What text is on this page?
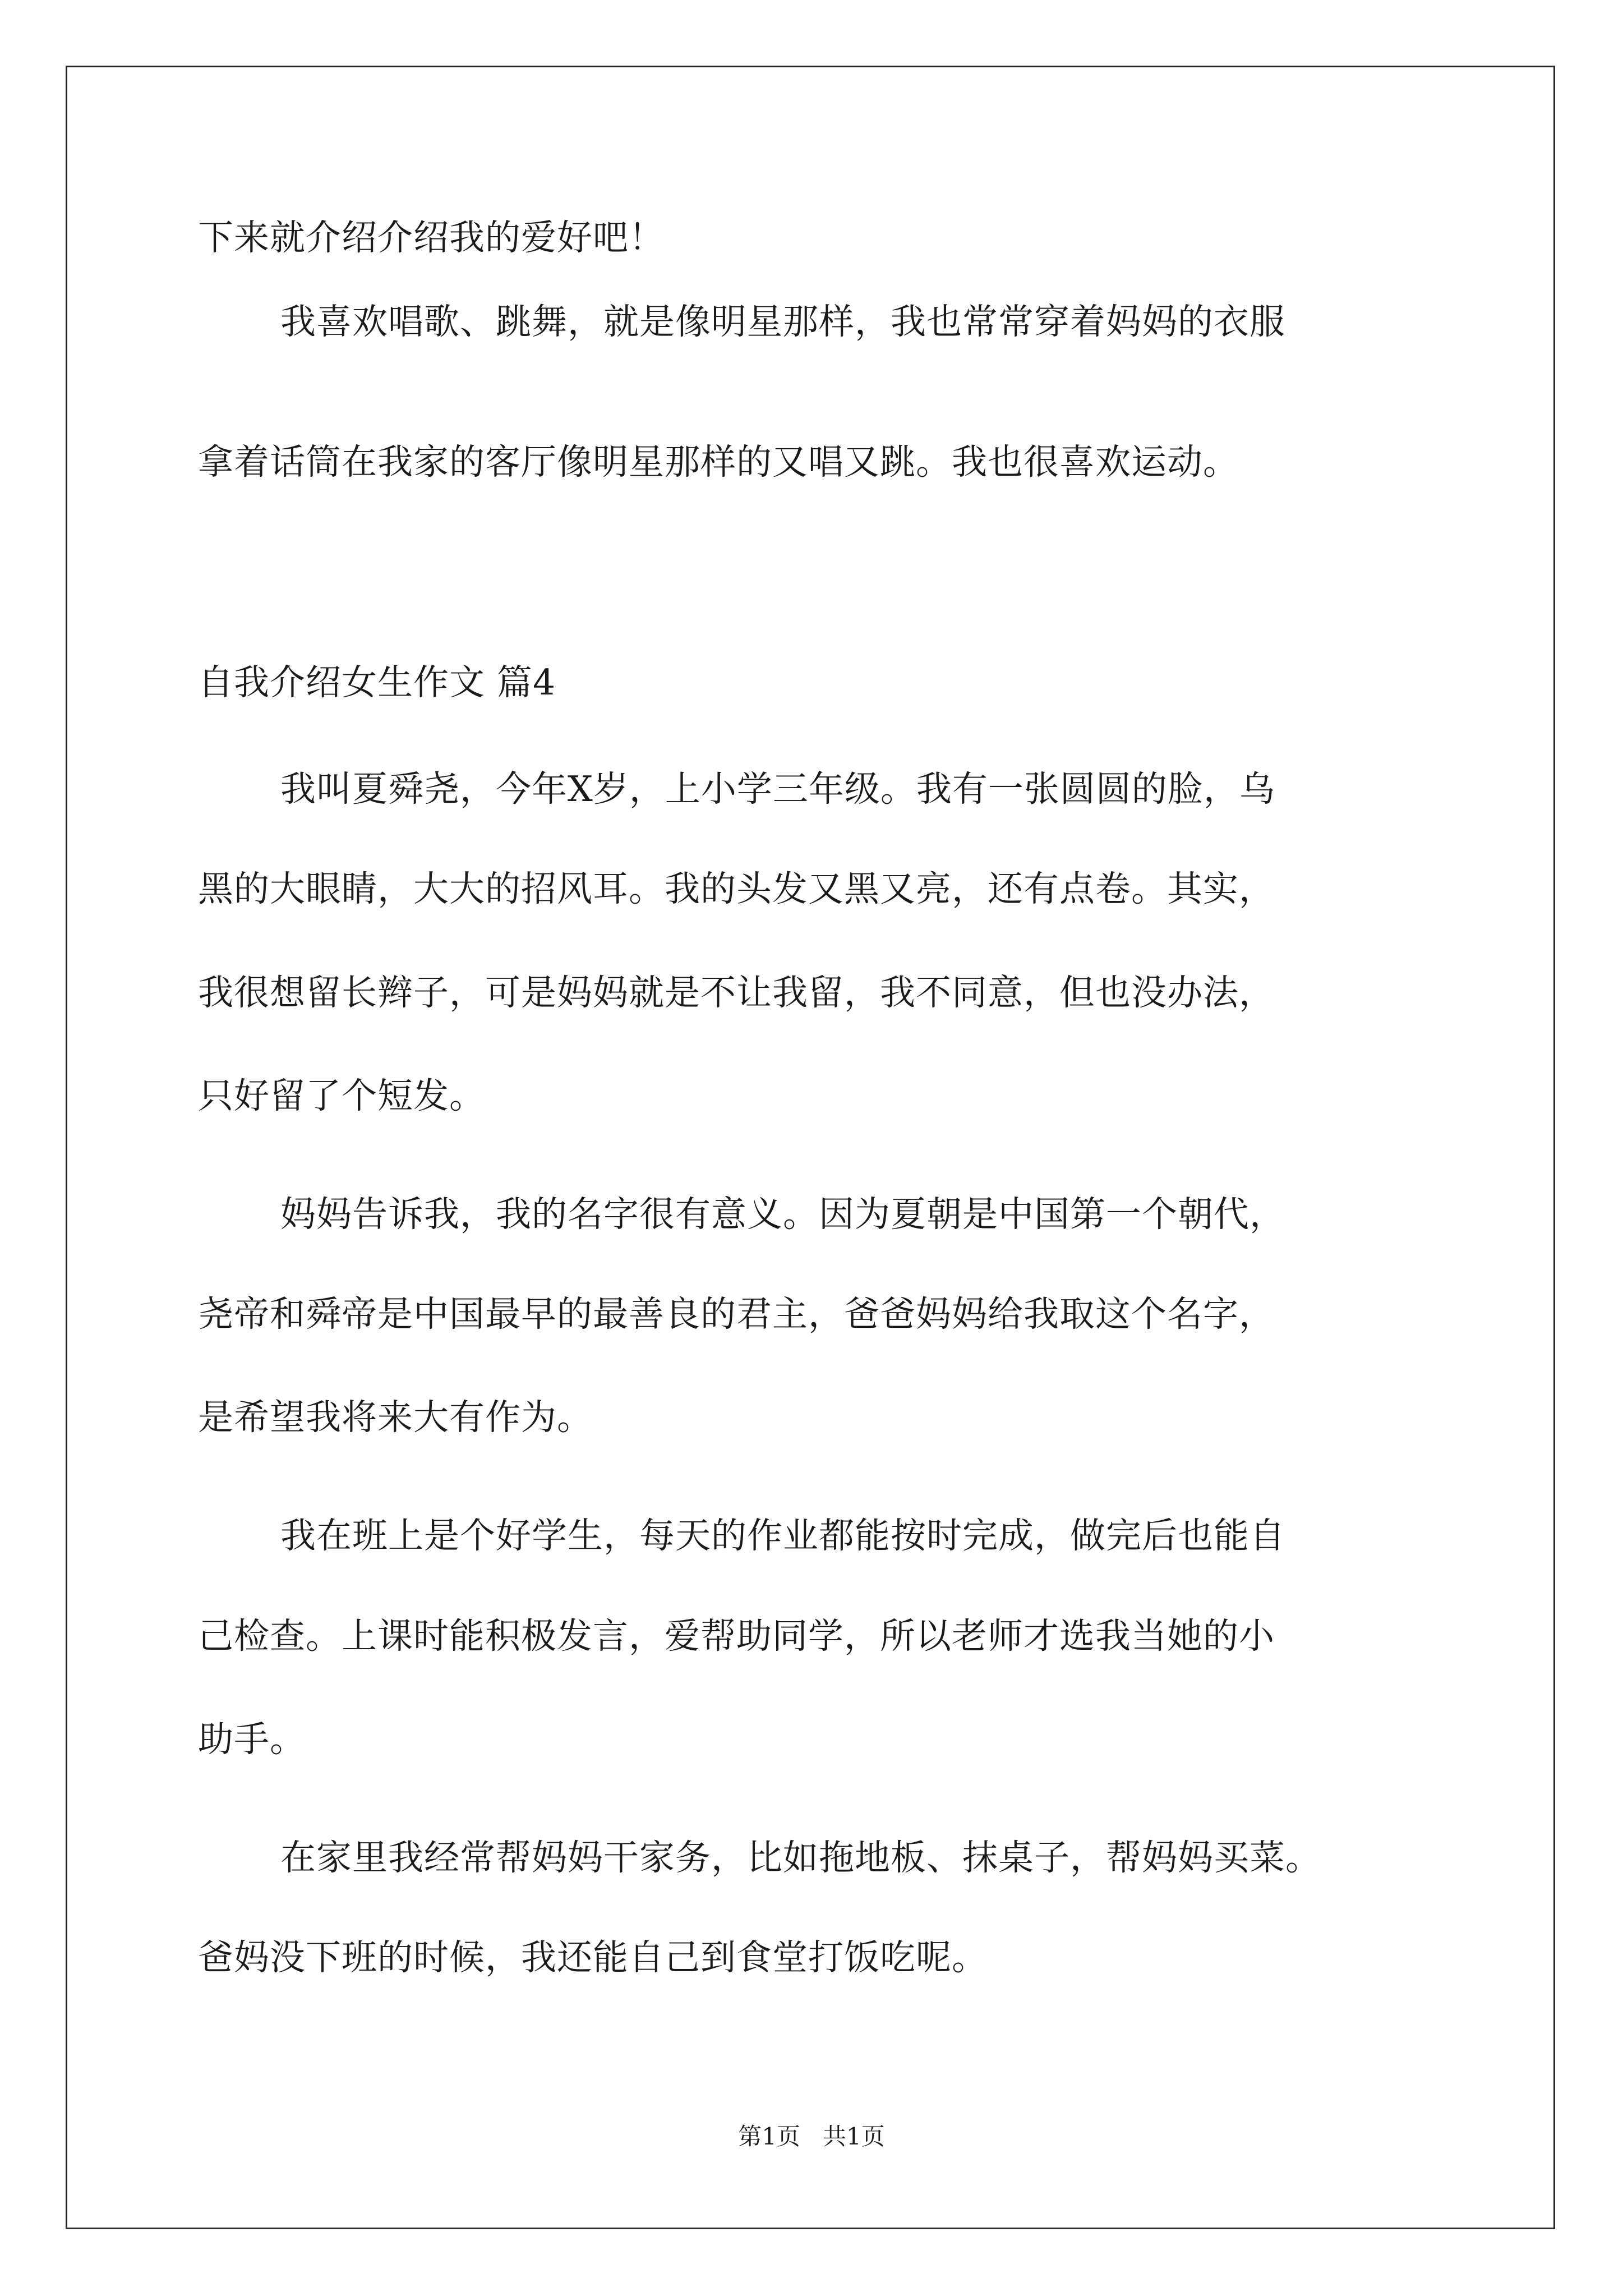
下来就介绍介绍我的爱好吧！
我喜欢唱歌、跳舞，就是像明星那样，我也常常穿着妈妈的衣服
拿着话筒在我家的客厅像明星那样的又唱又跳。我也很喜欢运动。
自我介绍女生作文 篇4
我叫夏舜尧，今年X岁，上小学三年级。我有一张圆圆的脸，乌
黑的大眼睛，大大的招风耳。我的头发又黑又亮，还有点卷。其实，
我很想留长辫子，可是妈妈就是不让我留，我不同意，但也没办法，
只好留了个短发。
妈妈告诉我，我的名字很有意义。因为夏朝是中国第一个朝代，
尧帝和舜帝是中国最早的最善良的君主，爸爸妈妈给我取这个名字，
是希望我将来大有作为。
我在班上是个好学生，每天的作业都能按时完成，做完后也能自
己检查。上课时能积极发言，爱帮助同学，所以老师才选我当她的小
助手。
在家里我经常帮妈妈干家务，比如拖地板、抹桌子，帮妈妈买菜。
爸妈没下班的时候，我还能自己到食堂打饭吃呢。
第1页   共1页
